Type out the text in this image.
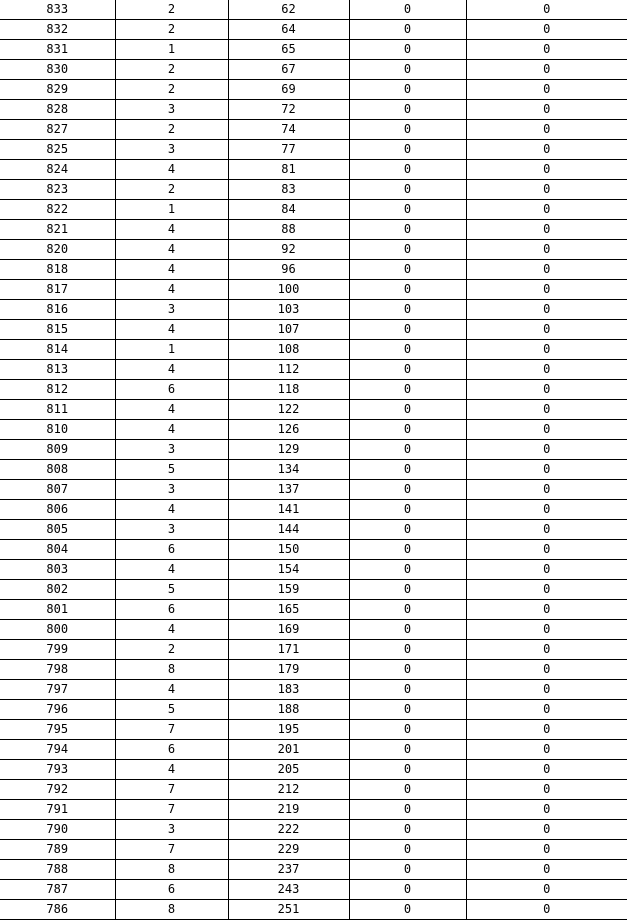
833	2	62	0	0
832	2	64	0	0
831	1	65	0	0
830	2	67	0	0
829	2	69	0	0
828	3	72	0	0
827	2	74	0	0
825	3	77	0	0
824	4	81	0	0
823	2	83	0	0
822	1	84	0	0
821	4	88	0	0
820	4	92	0	0
818	4	96	0	0
817	4	100	0	0
816	3	103	0	0
815	4	107	0	0
814	1	108	0	0
813	4	112	0	0
812	6	118	0	0
811	4	122	0	0
810	4	126	0	0
809	3	129	0	0
808	5	134	0	0
807	3	137	0	0
806	4	141	0	0
805	3	144	0	0
804	6	150	0	0
803	4	154	0	0
802	5	159	0	0
801	6	165	0	0
800	4	169	0	0
799	2	171	0	0
798	8	179	0	0
797	4	183	0	0
796	5	188	0	0
795	7	195	0	0
794	6	201	0	0
793	4	205	0	0
792	7	212	0	0
791	7	219	0	0
790	3	222	0	0
789	7	229	0	0
788	8	237	0	0
787	6	243	0	0
786	8	251	0	0
